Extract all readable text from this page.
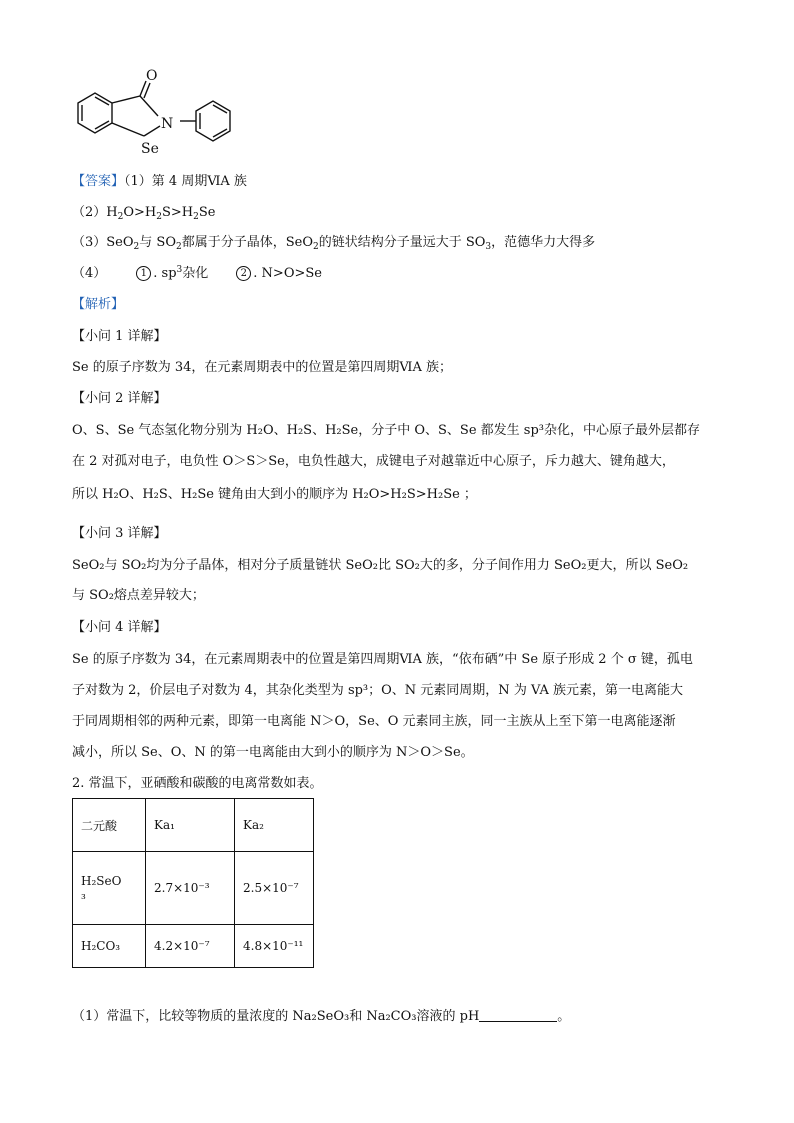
O
N
Se
【答案】（1）第 4 周期ⅥA 族
$(2)H_2O>H_2S>H_2Se$
（3）SeO$_2$与 $SO_2$都属于分子晶体，SeO$_2$的链状结构分子量远大于 $SO_3$，范德华力大得多
（4）	1 . $sp^3$杂化	2 . N>O>Se
【解析】
【小问 1 详解】
Se 的原子序数为 34，在元素周期表中的位置是第四周期ⅥA 族；
【小问 2 详解】
O、S、Se 气态氢化物分别为 H₂O、H₂S、H₂Se，分子中 O、S、Se 都发生 sp³杂化，中心原子最外层都存
在 2 对孤对电子，电负性 O＞S＞Se，电负性越大，成键电子对越靠近中心原子，斥力越大、键角越大，
所以 H₂O、H₂S、H₂Se 键角由大到小的顺序为 H₂O>H₂S>H₂Se ；
【小问 3 详解】
SeO₂与 SO₂均为分子晶体，相对分子质量链状 SeO₂比 SO₂大的多，分子间作用力 SeO₂更大，所以 SeO₂
与 SO₂熔点差异较大；
【小问 4 详解】
Se 的原子序数为 34，在元素周期表中的位置是第四周期ⅥA 族，“依布硒”中 Se 原子形成 2 个 σ 键，孤电
子对数为 2，价层电子对数为 4，其杂化类型为 sp³；O、N 元素同周期，N 为 VA 族元素，第一电离能大
于同周期相邻的两种元素，即第一电离能 N＞O，Se、O 元素同主族，同一主族从上至下第一电离能逐渐
减小，所以 Se、O、N 的第一电离能由大到小的顺序为 N＞O＞Se。
2. 常温下，亚硒酸和碳酸的电离常数如表。
二元酸	Ka₁	Ka₂

H₂SeO
₃	2.7×10⁻³	2.5×10⁻⁷
H₂CO₃	4.2×10⁻⁷	4.8×10⁻¹¹
（1）常温下，比较等物质的量浓度的 Na₂SeO₃和 Na₂CO₃溶液的 pH	。
